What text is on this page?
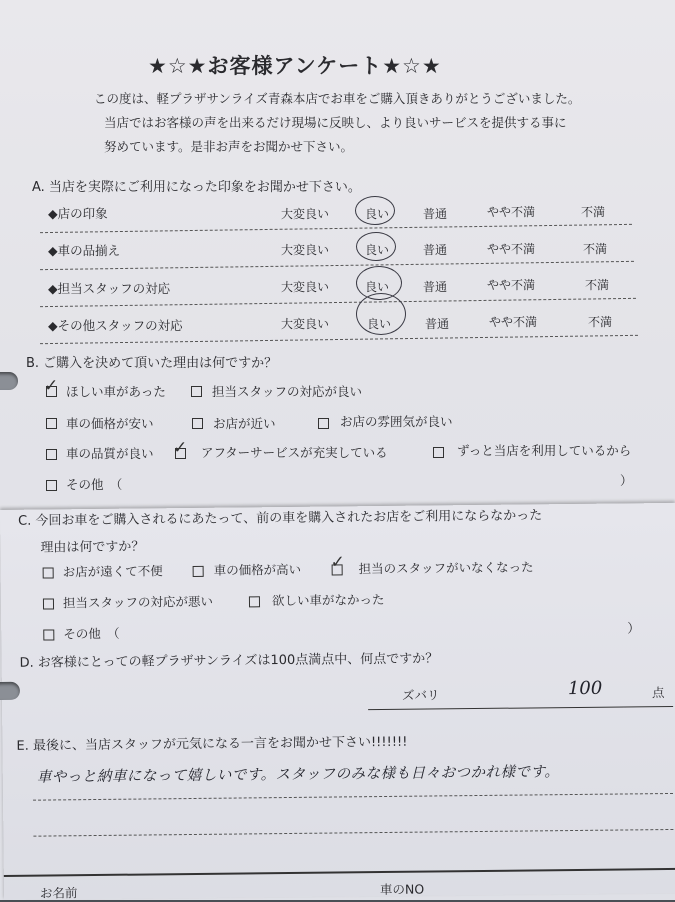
★☆★お客様アンケート★☆★
この度は、軽プラザサンライズ青森本店でお車をご購入頂きありがとうございました。
当店ではお客様の声を出来るだけ現場に反映し、より良いサービスを提供する事に
努めています。是非お声をお聞かせ下さい。
A. 当店を実際にご利用になった印象をお聞かせ下さい。
◆店の印象	大変良い	良い	普通	やや不満	不満
◆車の品揃え	大変良い	良い	普通	やや不満	不満
◆担当スタッフの対応	大変良い	良い	普通	やや不満	不満
◆その他スタッフの対応	大変良い	良い	普通	やや不満	不満
B. ご購入を決めて頂いた理由は何ですか？
✓ ほしい車があった	担当スタッフの対応が良い
車の価格が安い	お店が近い	お店の雰囲気が良い
車の品質が良い ✓ アフターサービスが充実している	ずっと当店を利用しているから
その他　（	）
C. 今回お車をご購入されるにあたって、前の車を購入されたお店をご利用にならなかった
理由は何ですか？
お店が遠くて不便	車の価格が高い ✓ 担当のスタッフがいなくなった
担当スタッフの対応が悪い	欲しい車がなかった
その他　（	）
D. お客様にとっての軽プラザサンライズは100点満点中、何点ですか？
ズバリ	100	点
E. 最後に、当店スタッフが元気になる一言をお聞かせ下さい!!!!!!!
車やっと納車になって嬉しいです。スタッフのみな様も日々おつかれ様です。
お名前	車のNO
